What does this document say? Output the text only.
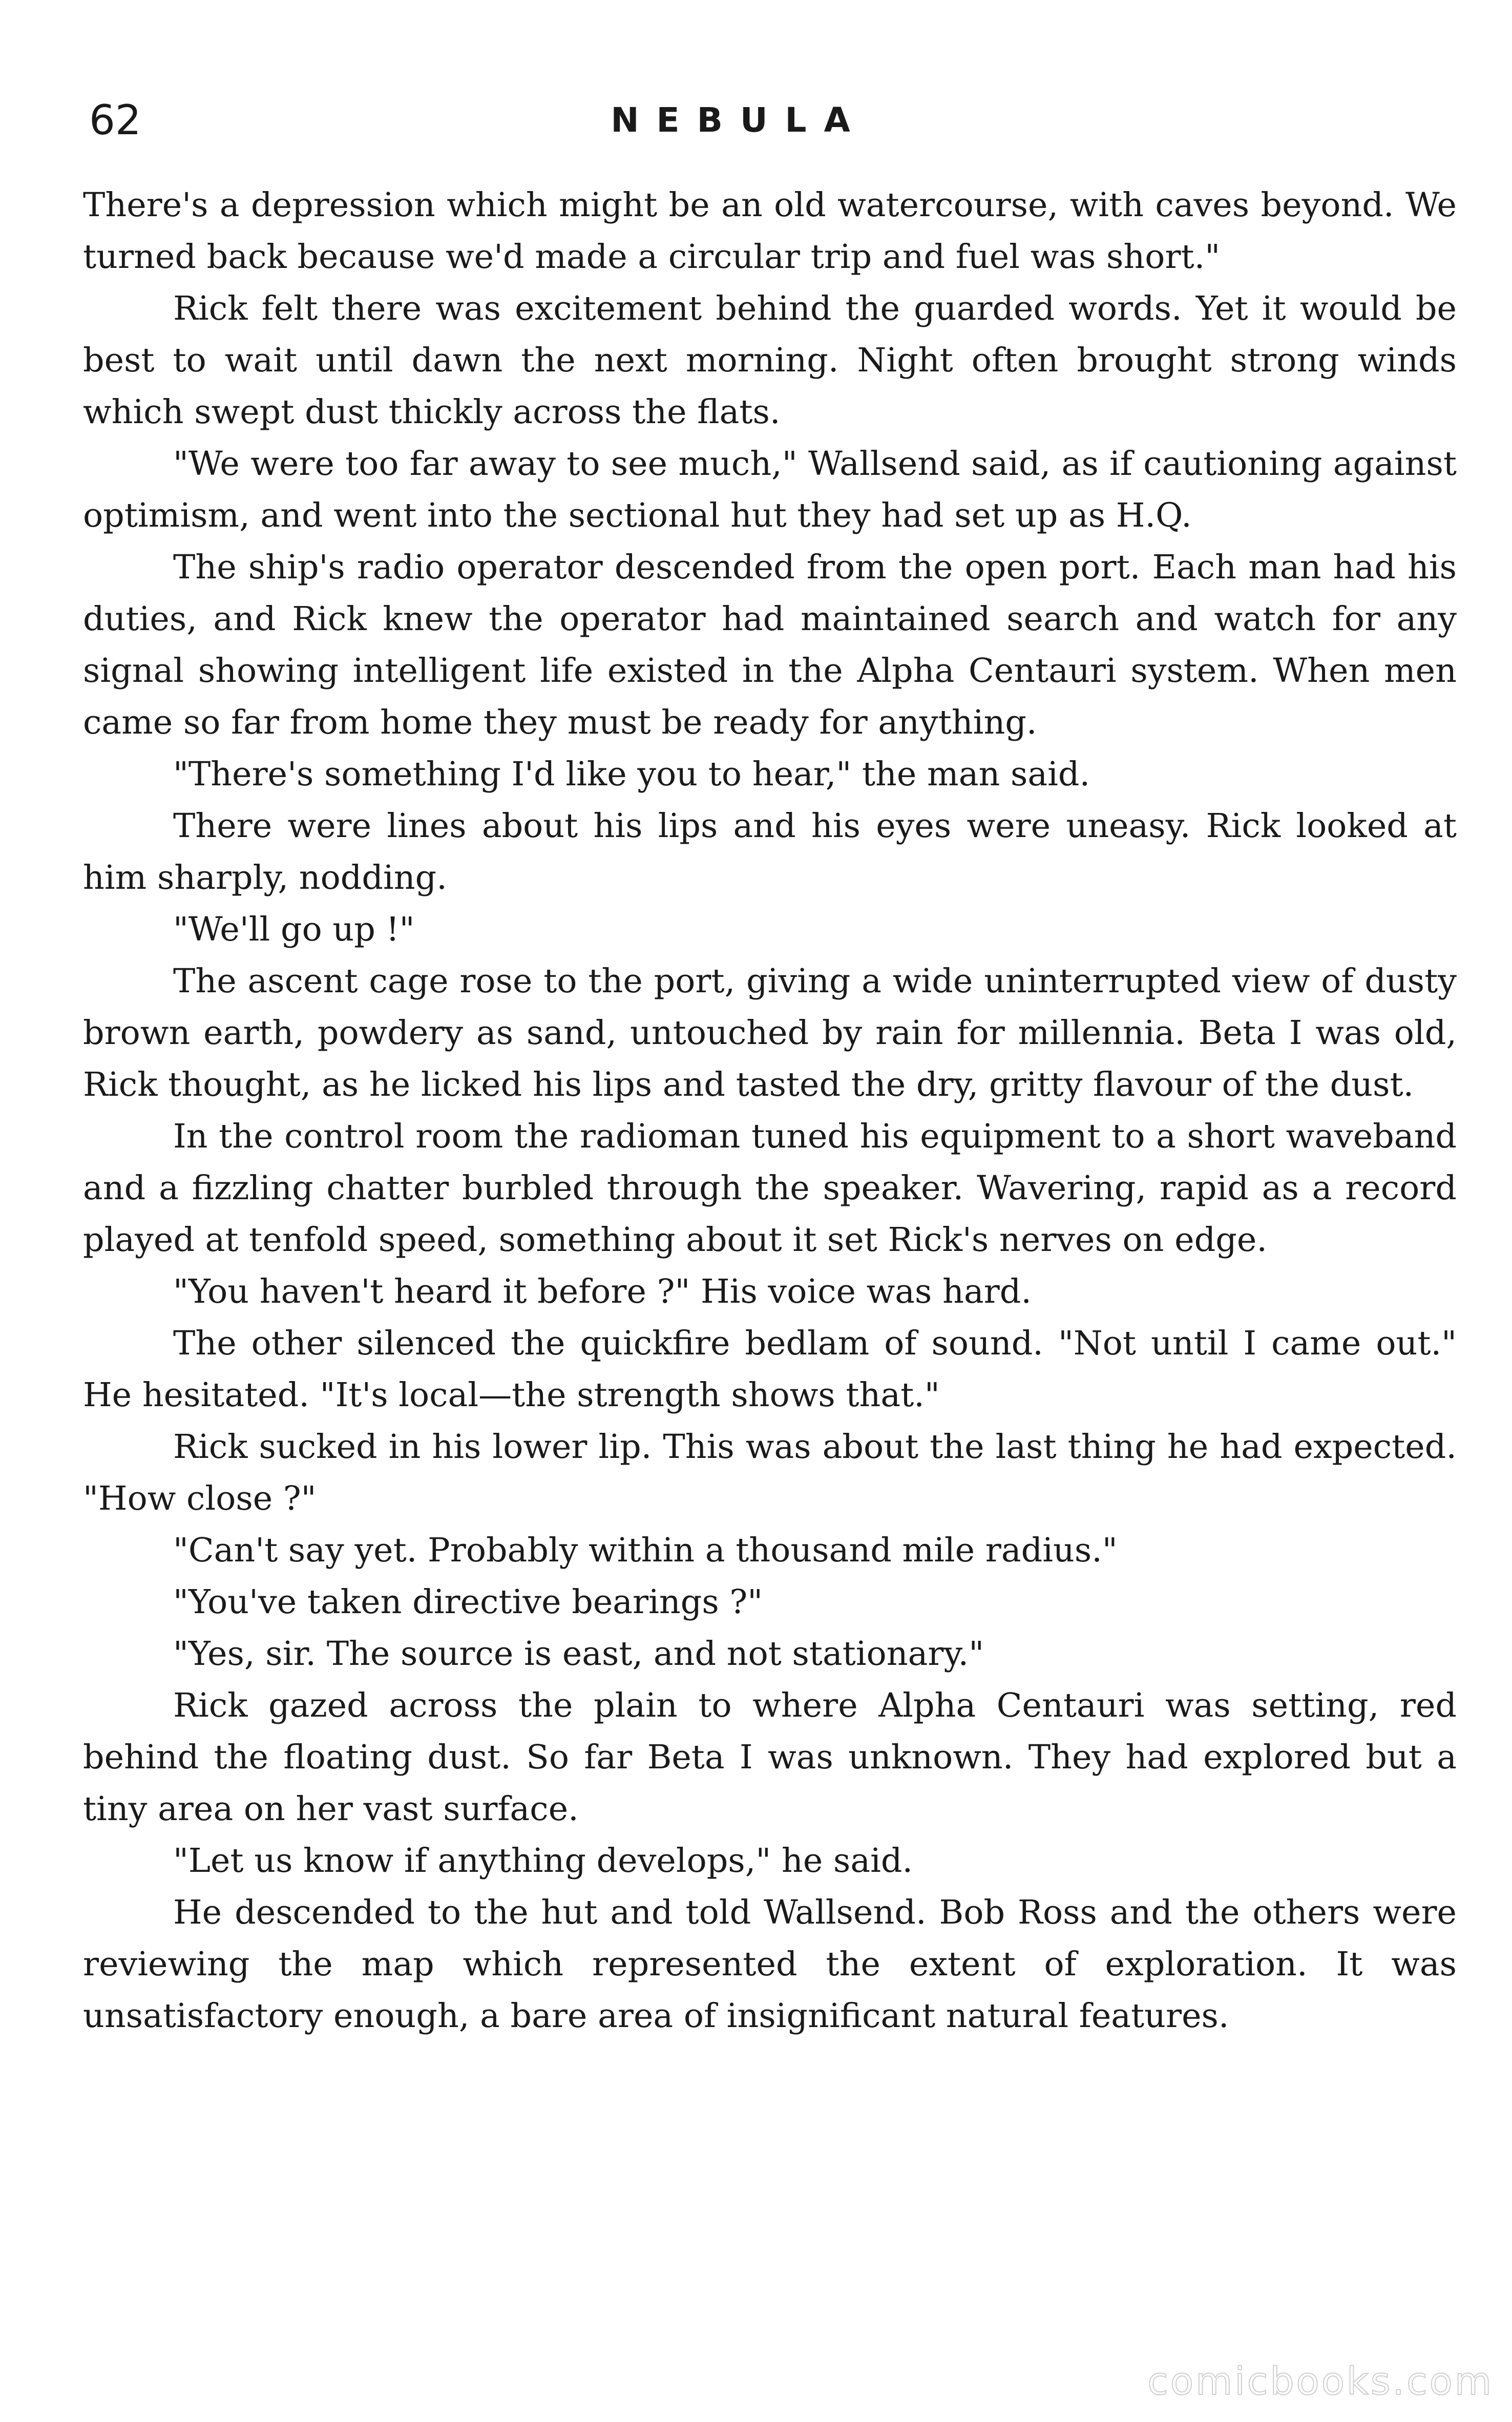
62	NEBULA

There's a depression which might be an old watercourse, with caves beyond. We turned back because we'd made a circular trip and fuel was short."

Rick felt there was excitement behind the guarded words. Yet it would be best to wait until dawn the next morning. Night often brought strong winds which swept dust thickly across the flats.

"We were too far away to see much," Wallsend said, as if cautioning against optimism, and went into the sectional hut they had set up as H.Q.

The ship's radio operator descended from the open port. Each man had his duties, and Rick knew the operator had maintained search and watch for any signal showing intelligent life existed in the Alpha Centauri system. When men came so far from home they must be ready for anything.

"There's something I'd like you to hear," the man said.

There were lines about his lips and his eyes were uneasy. Rick looked at him sharply, nodding.

"We'll go up !"

The ascent cage rose to the port, giving a wide uninterrupted view of dusty brown earth, powdery as sand, untouched by rain for millennia. Beta I was old, Rick thought, as he licked his lips and tasted the dry, gritty flavour of the dust.

In the control room the radioman tuned his equipment to a short waveband and a fizzling chatter burbled through the speaker. Wavering, rapid as a record played at tenfold speed, something about it set Rick's nerves on edge.

"You haven't heard it before ?" His voice was hard.

The other silenced the quickfire bedlam of sound. "Not until I came out." He hesitated. "It's local—the strength shows that."

Rick sucked in his lower lip. This was about the last thing he had expected. "How close ?"

"Can't say yet. Probably within a thousand mile radius."

"You've taken directive bearings ?"

"Yes, sir. The source is east, and not stationary."

Rick gazed across the plain to where Alpha Centauri was setting, red behind the floating dust. So far Beta I was unknown. They had explored but a tiny area on her vast surface.

"Let us know if anything develops," he said.

He descended to the hut and told Wallsend. Bob Ross and the others were reviewing the map which represented the extent of exploration. It was unsatisfactory enough, a bare area of insignificant natural features.

comicbooks.com
